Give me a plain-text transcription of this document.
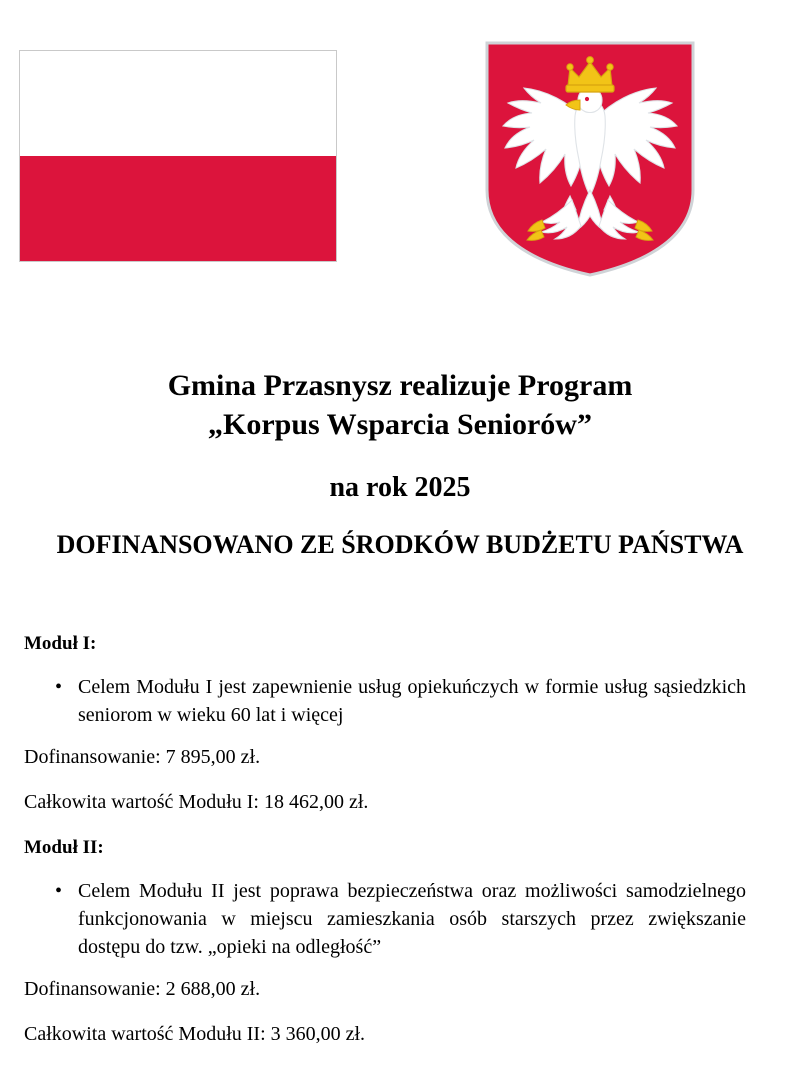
Gmina Przasnysz realizuje Program
„Korpus Wsparcia Seniorów”
na rok 2025
DOFINANSOWANO ZE ŚRODKÓW BUDŻETU PAŃSTWA
Moduł I:
• Celem Modułu I jest zapewnienie usług opiekuńczych w formie usług sąsiedzkich seniorom w wieku 60 lat i więcej
Dofinansowanie: 7 895,00 zł.
Całkowita wartość Modułu I: 18 462,00 zł.
Moduł II:
• Celem Modułu II jest poprawa bezpieczeństwa oraz możliwości samodzielnego funkcjonowania w miejscu zamieszkania osób starszych przez zwiększanie dostępu do tzw. „opieki na odległość”
Dofinansowanie: 2 688,00 zł.
Całkowita wartość Modułu II: 3 360,00 zł.
